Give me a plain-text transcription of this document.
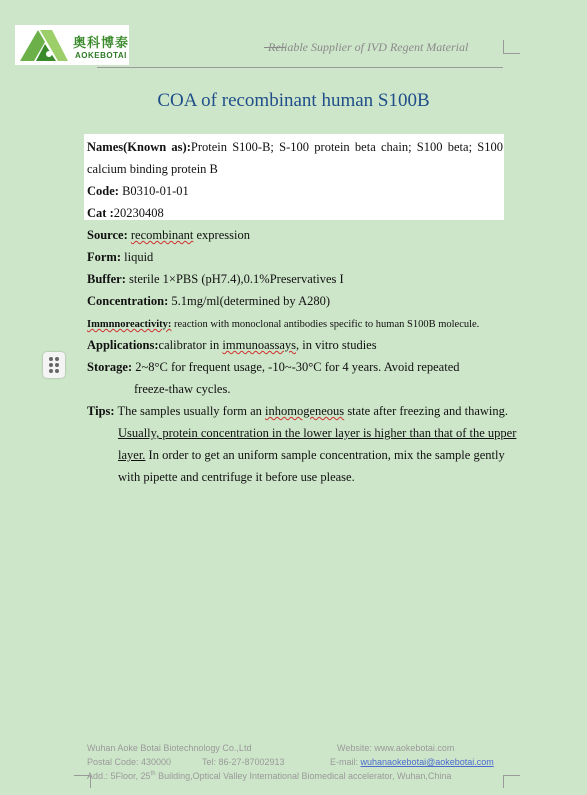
奥科博泰
AOKEBOTAI
Reliable Supplier of IVD Regent Material
COA of recombinant human S100B
Names(Known as):Protein S100-B; S-100 protein beta chain; S100 beta; S100
calcium binding protein B
Code: B0310-01-01
Cat :20230408
Source: recombinant expression
Form: liquid
Buffer: sterile 1×PBS (pH7.4),0.1%Preservatives I
Concentration: 5.1mg/ml(determined by A280)
Immnnoreactivity: reaction with monoclonal antibodies specific to human S100B molecule.
Applications:calibrator in immunoassays, in vitro studies
Storage: 2~8°C for frequent usage, -10~-30°C for 4 years. Avoid repeated
freeze-thaw cycles.
Tips: The samples usually form an inhomogeneous state after freezing and thawing.
Usually, protein concentration in the lower layer is higher than that of the upper
layer. In order to get an uniform sample concentration, mix the sample gently
with pipette and centrifuge it before use please.
Wuhan Aoke Botai Biotechnology Co.,Ltd	Website: www.aokebotai.com
Postal Code: 430000	Tel: 86-27-87002913	E-mail: wuhanaokebotai@aokebotai.com
Add.: 5Floor, 25th Building,Optical Valley International Biomedical accelerator, Wuhan,China
